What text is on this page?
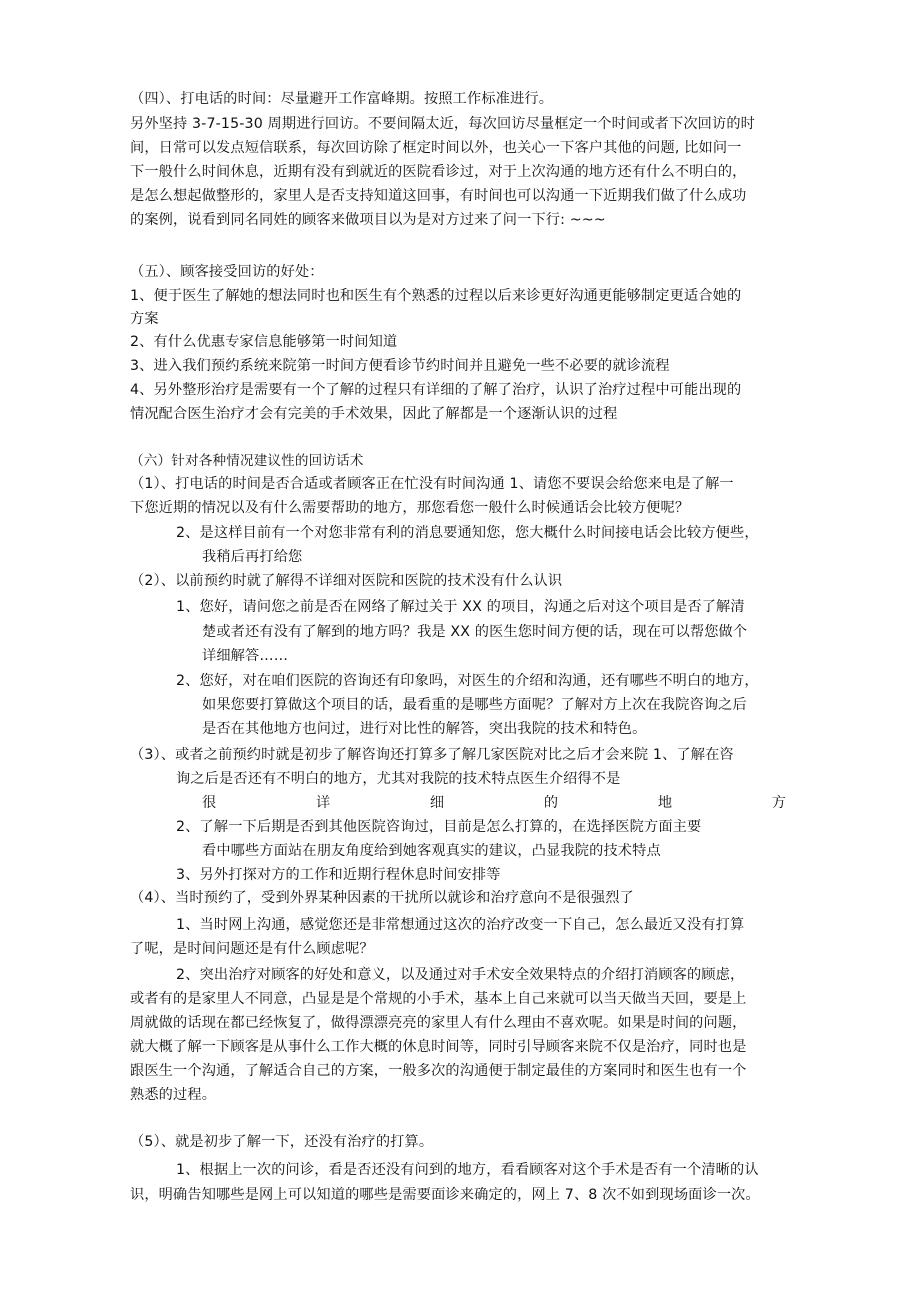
（四）、打电话的时间：尽量避开工作富峰期。按照工作标准进行。
另外坚持 3-7-15-30 周期进行回访。不要间隔太近，每次回访尽量框定一个时间或者下次回访的时
间，日常可以发点短信联系，每次回访除了框定时间以外，也关心一下客户其他的问题, 比如问一
下一般什么时间休息，近期有没有到就近的医院看诊过，对于上次沟通的地方还有什么不明白的，
是怎么想起做整形的，家里人是否支持知道这回事，有时间也可以沟通一下近期我们做了什么成功
的案例，说看到同名同姓的顾客来做项目以为是对方过来了问一下行: ~~~
（五）、顾客接受回访的好处：
1、便于医生了解她的想法同时也和医生有个熟悉的过程以后来诊更好沟通更能够制定更适合她的
方案
2、有什么优惠专家信息能够第一时间知道
3、进入我们预约系统来院第一时间方便看诊节约时间并且避免一些不必要的就诊流程
4、另外整形治疗是需要有一个了解的过程只有详细的了解了治疗，认识了治疗过程中可能出现的
情况配合医生治疗才会有完美的手术效果，因此了解都是一个逐渐认识的过程
（六）针对各种情况建议性的回访话术
（1）、打电话的时间是否合适或者顾客正在忙没有时间沟通 1、请您不要误会给您来电是了解一
下您近期的情况以及有什么需要帮助的地方，那您看您一般什么时候通话会比较方便呢？
2、是这样目前有一个对您非常有利的消息要通知您，您大概什么时间接电话会比较方便些，
我稍后再打给您
（2）、以前预约时就了解得不详细对医院和医院的技术没有什么认识
1、您好，请问您之前是否在网络了解过关于 XX 的项目，沟通之后对这个项目是否了解清
楚或者还有没有了解到的地方吗？我是 XX 的医生您时间方便的话，现在可以帮您做个
详细解答……
2、您好，对在咱们医院的咨询还有印象吗，对医生的介绍和沟通，还有哪些不明白的地方，
如果您要打算做这个项目的话，最看重的是哪些方面呢？了解对方上次在我院咨询之后
是否在其他地方也问过，进行对比性的解答，突出我院的技术和特色。
（3）、或者之前预约时就是初步了解咨询还打算多了解几家医院对比之后才会来院 1、了解在咨
询之后是否还有不明白的地方，尤其对我院的技术特点医生介绍得不是
很	详	细	的	地	方
2、了解一下后期是否到其他医院咨询过，目前是怎么打算的，在选择医院方面主要
看中哪些方面站在朋友角度给到她客观真实的建议，凸显我院的技术特点
3、另外打探对方的工作和近期行程休息时间安排等
（4）、当时预约了，受到外界某种因素的干扰所以就诊和治疗意向不是很强烈了
1、当时网上沟通，感觉您还是非常想通过这次的治疗改变一下自己，怎么最近又没有打算
了呢，是时间问题还是有什么顾虑呢？
2、突出治疗对顾客的好处和意义，以及通过对手术安全效果特点的介绍打消顾客的顾虑，
或者有的是家里人不同意，凸显是是个常规的小手术，基本上自己来就可以当天做当天回，要是上
周就做的话现在都已经恢复了，做得漂漂亮亮的家里人有什么理由不喜欢呢。如果是时间的问题，
就大概了解一下顾客是从事什么工作大概的休息时间等，同时引导顾客来院不仅是治疗，同时也是
跟医生一个沟通，了解适合自己的方案，一般多次的沟通便于制定最佳的方案同时和医生也有一个
熟悉的过程。
（5）、就是初步了解一下，还没有治疗的打算。
1、根据上一次的问诊，看是否还没有问到的地方，看看顾客对这个手术是否有一个清晰的认
识，明确告知哪些是网上可以知道的哪些是需要面诊来确定的，网上 7、8 次不如到现场面诊一次。
